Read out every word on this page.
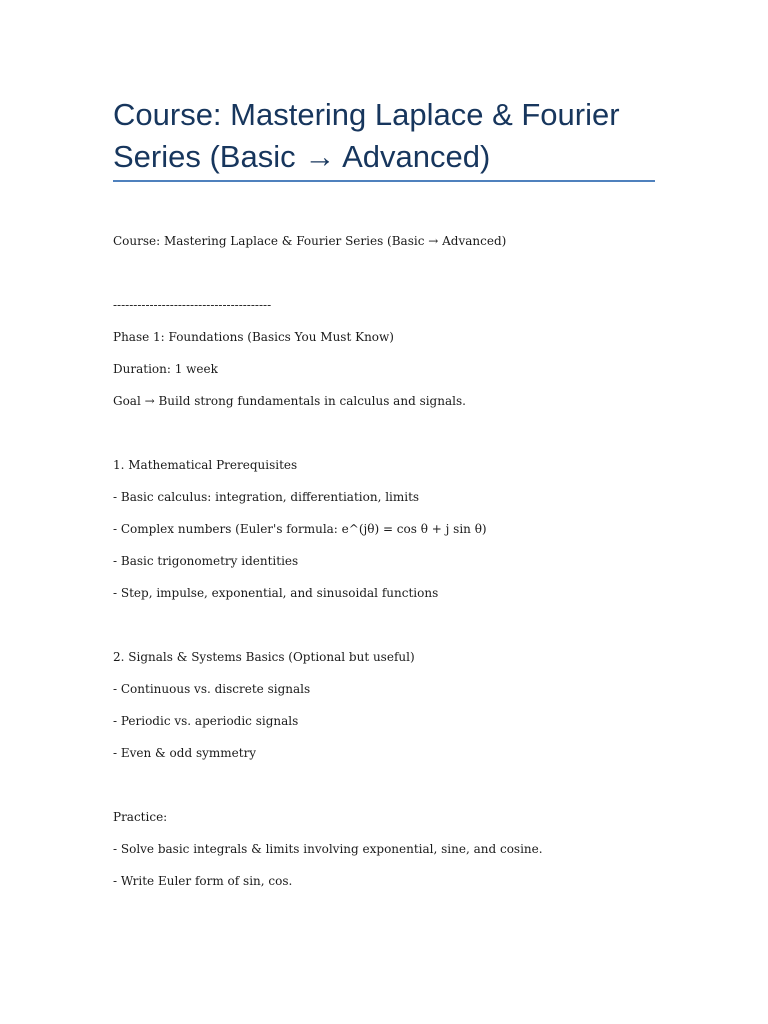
Course: Mastering Laplace & Fourier Series (Basic → Advanced)

Course: Mastering Laplace & Fourier Series (Basic → Advanced)

---------------------------------------

Phase 1: Foundations (Basics You Must Know)

Duration: 1 week

Goal → Build strong fundamentals in calculus and signals.

1. Mathematical Prerequisites

- Basic calculus: integration, differentiation, limits

- Complex numbers (Euler's formula: e^(jθ) = cos θ + j sin θ)

- Basic trigonometry identities

- Step, impulse, exponential, and sinusoidal functions

2. Signals & Systems Basics (Optional but useful)

- Continuous vs. discrete signals

- Periodic vs. aperiodic signals

- Even & odd symmetry

Practice:

- Solve basic integrals & limits involving exponential, sine, and cosine.

- Write Euler form of sin, cos.
